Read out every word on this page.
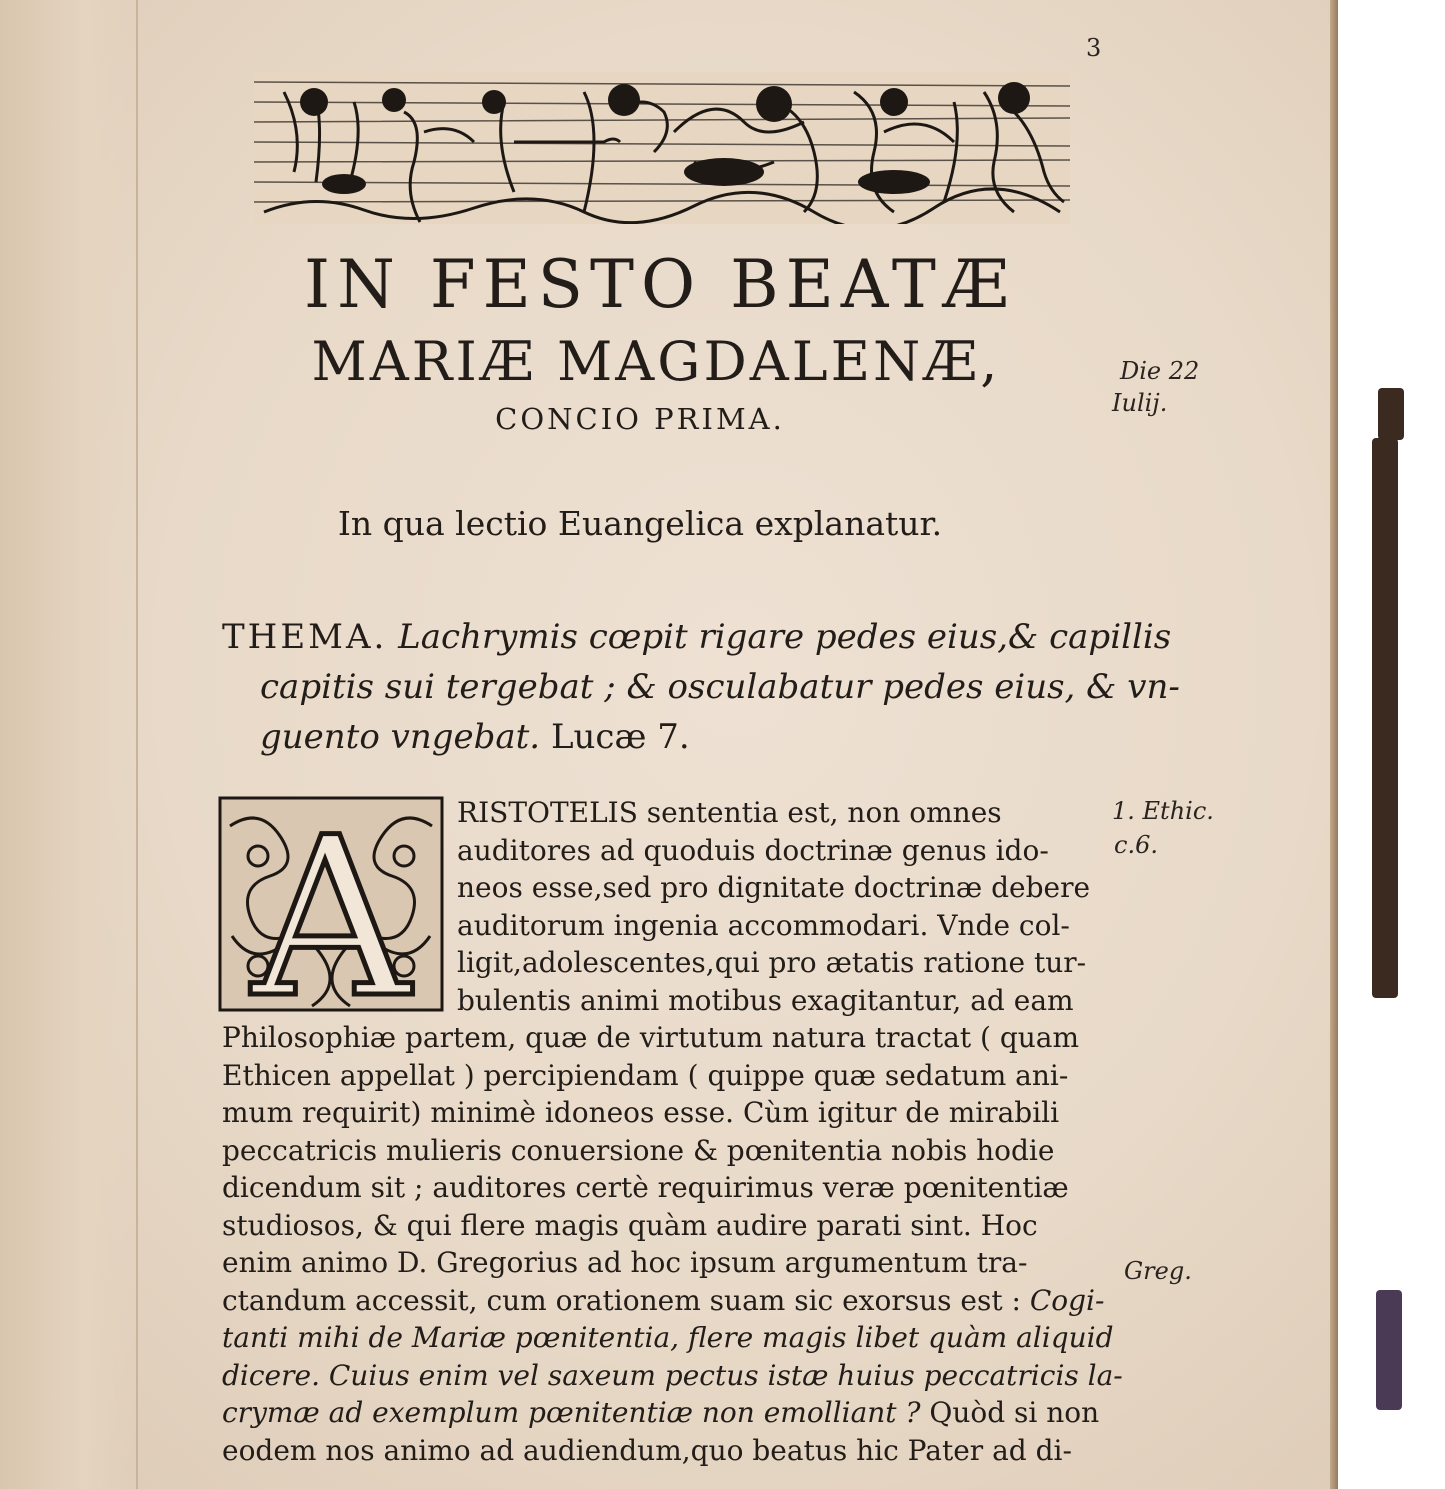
3
IN FESTO BEATÆ
MARIÆ MAGDALENÆ,
CONCIO PRIMA.
Die 22
Iulij.
In qua lectio Euangelica explanatur.
THEMA. Lachrymis cœpit rigare pedes eius,& capillis
capitis sui tergebat ; & osculabatur pedes eius, & vn-
guento vngebat. Lucæ 7.
A	RISTOTELIS sententia est, non omnes
auditores ad quoduis doctrinæ genus ido-
neos esse,sed pro dignitate doctrinæ debere
auditorum ingenia accommodari. Vnde col-
ligit,adolescentes,qui pro ætatis ratione tur-
bulentis animi motibus exagitantur, ad eam
Philosophiæ partem, quæ de virtutum natura tractat ( quam
Ethicen appellat ) percipiendam ( quippe quæ sedatum ani-
mum requirit) minimè idoneos esse. Cùm igitur de mirabili
peccatricis mulieris conuersione & pœnitentia nobis hodie
dicendum sit ; auditores certè requirimus veræ pœnitentiæ
studiosos, & qui flere magis quàm audire parati sint. Hoc
enim animo D. Gregorius ad hoc ipsum argumentum tra-
ctandum accessit, cum orationem suam sic exorsus est : Cogi-
tanti mihi de Mariæ pœnitentia, flere magis libet quàm aliquid
dicere. Cuius enim vel saxeum pectus istæ huius peccatricis la-
crymæ ad exemplum pœnitentiæ non emolliant ? Quòd si non
eodem nos animo ad audiendum,quo beatus hic Pater ad di-
1. Ethic.
c.6.
Greg.
